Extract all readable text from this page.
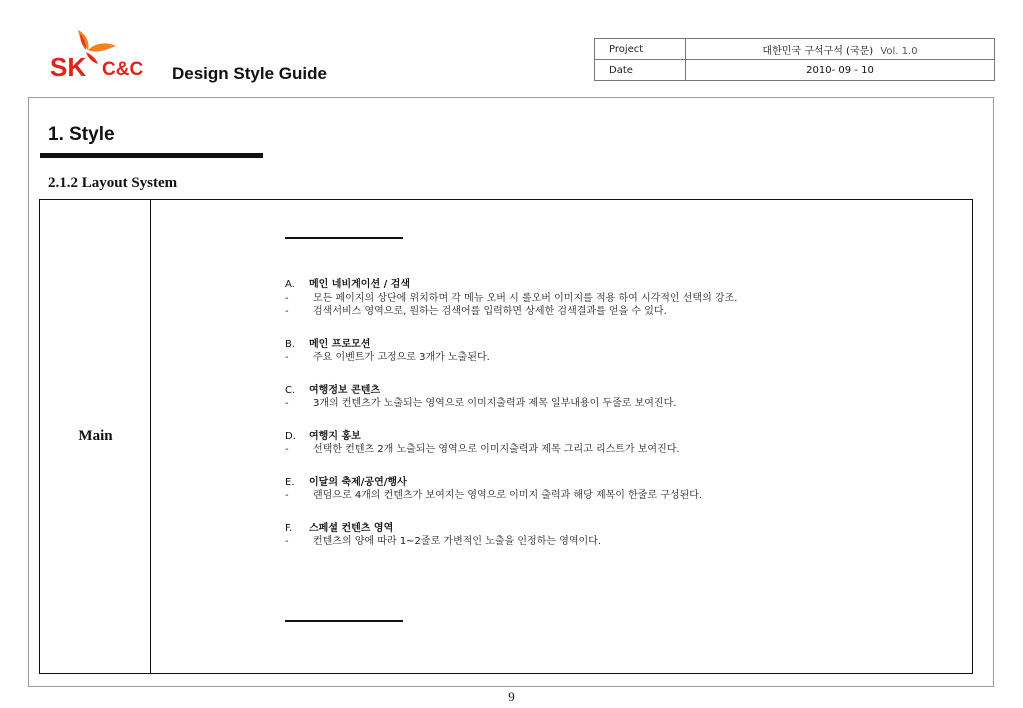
SK C&C Design Style Guide
Project	대한민국 구석구석 (국문) Vol. 1.0
Date	2010- 09 - 10
1. Style
2.1.2 Layout System
Main
A.	메인 네비게이션 / 검색
-	모든 페이지의 상단에 위치하며 각 메뉴 오버 시 롤오버 이미지를 적용 하여 시각적인 선택의 강조.
-	검색서비스 영역으로, 원하는 검색어를 입력하면 상세한 검색결과를 얻을 수 있다.
B.	메인 프로모션
-	주요 이벤트가 고정으로 3개가 노출된다.
C.	여행정보 콘텐츠
-	3개의 컨텐츠가 노출되는 영역으로 이미지출력과 제목 일부내용이 두줄로 보여진다.
D.	여행지 홍보
-	선택한 컨텐츠 2개 노출되는 영역으로 이미지출력과 제목 그리고 리스트가 보여진다.
E.	이달의 축제/공연/행사
-	랜덤으로 4개의 컨텐츠가 보여지는 영역으로 이미지 출력과 해당 제목이 한줄로 구성된다.
F.	스페셜 컨텐츠 영역
-	컨텐츠의 양에 따라 1~2줄로 가변적인 노출을 인정하는 영역이다.
9
